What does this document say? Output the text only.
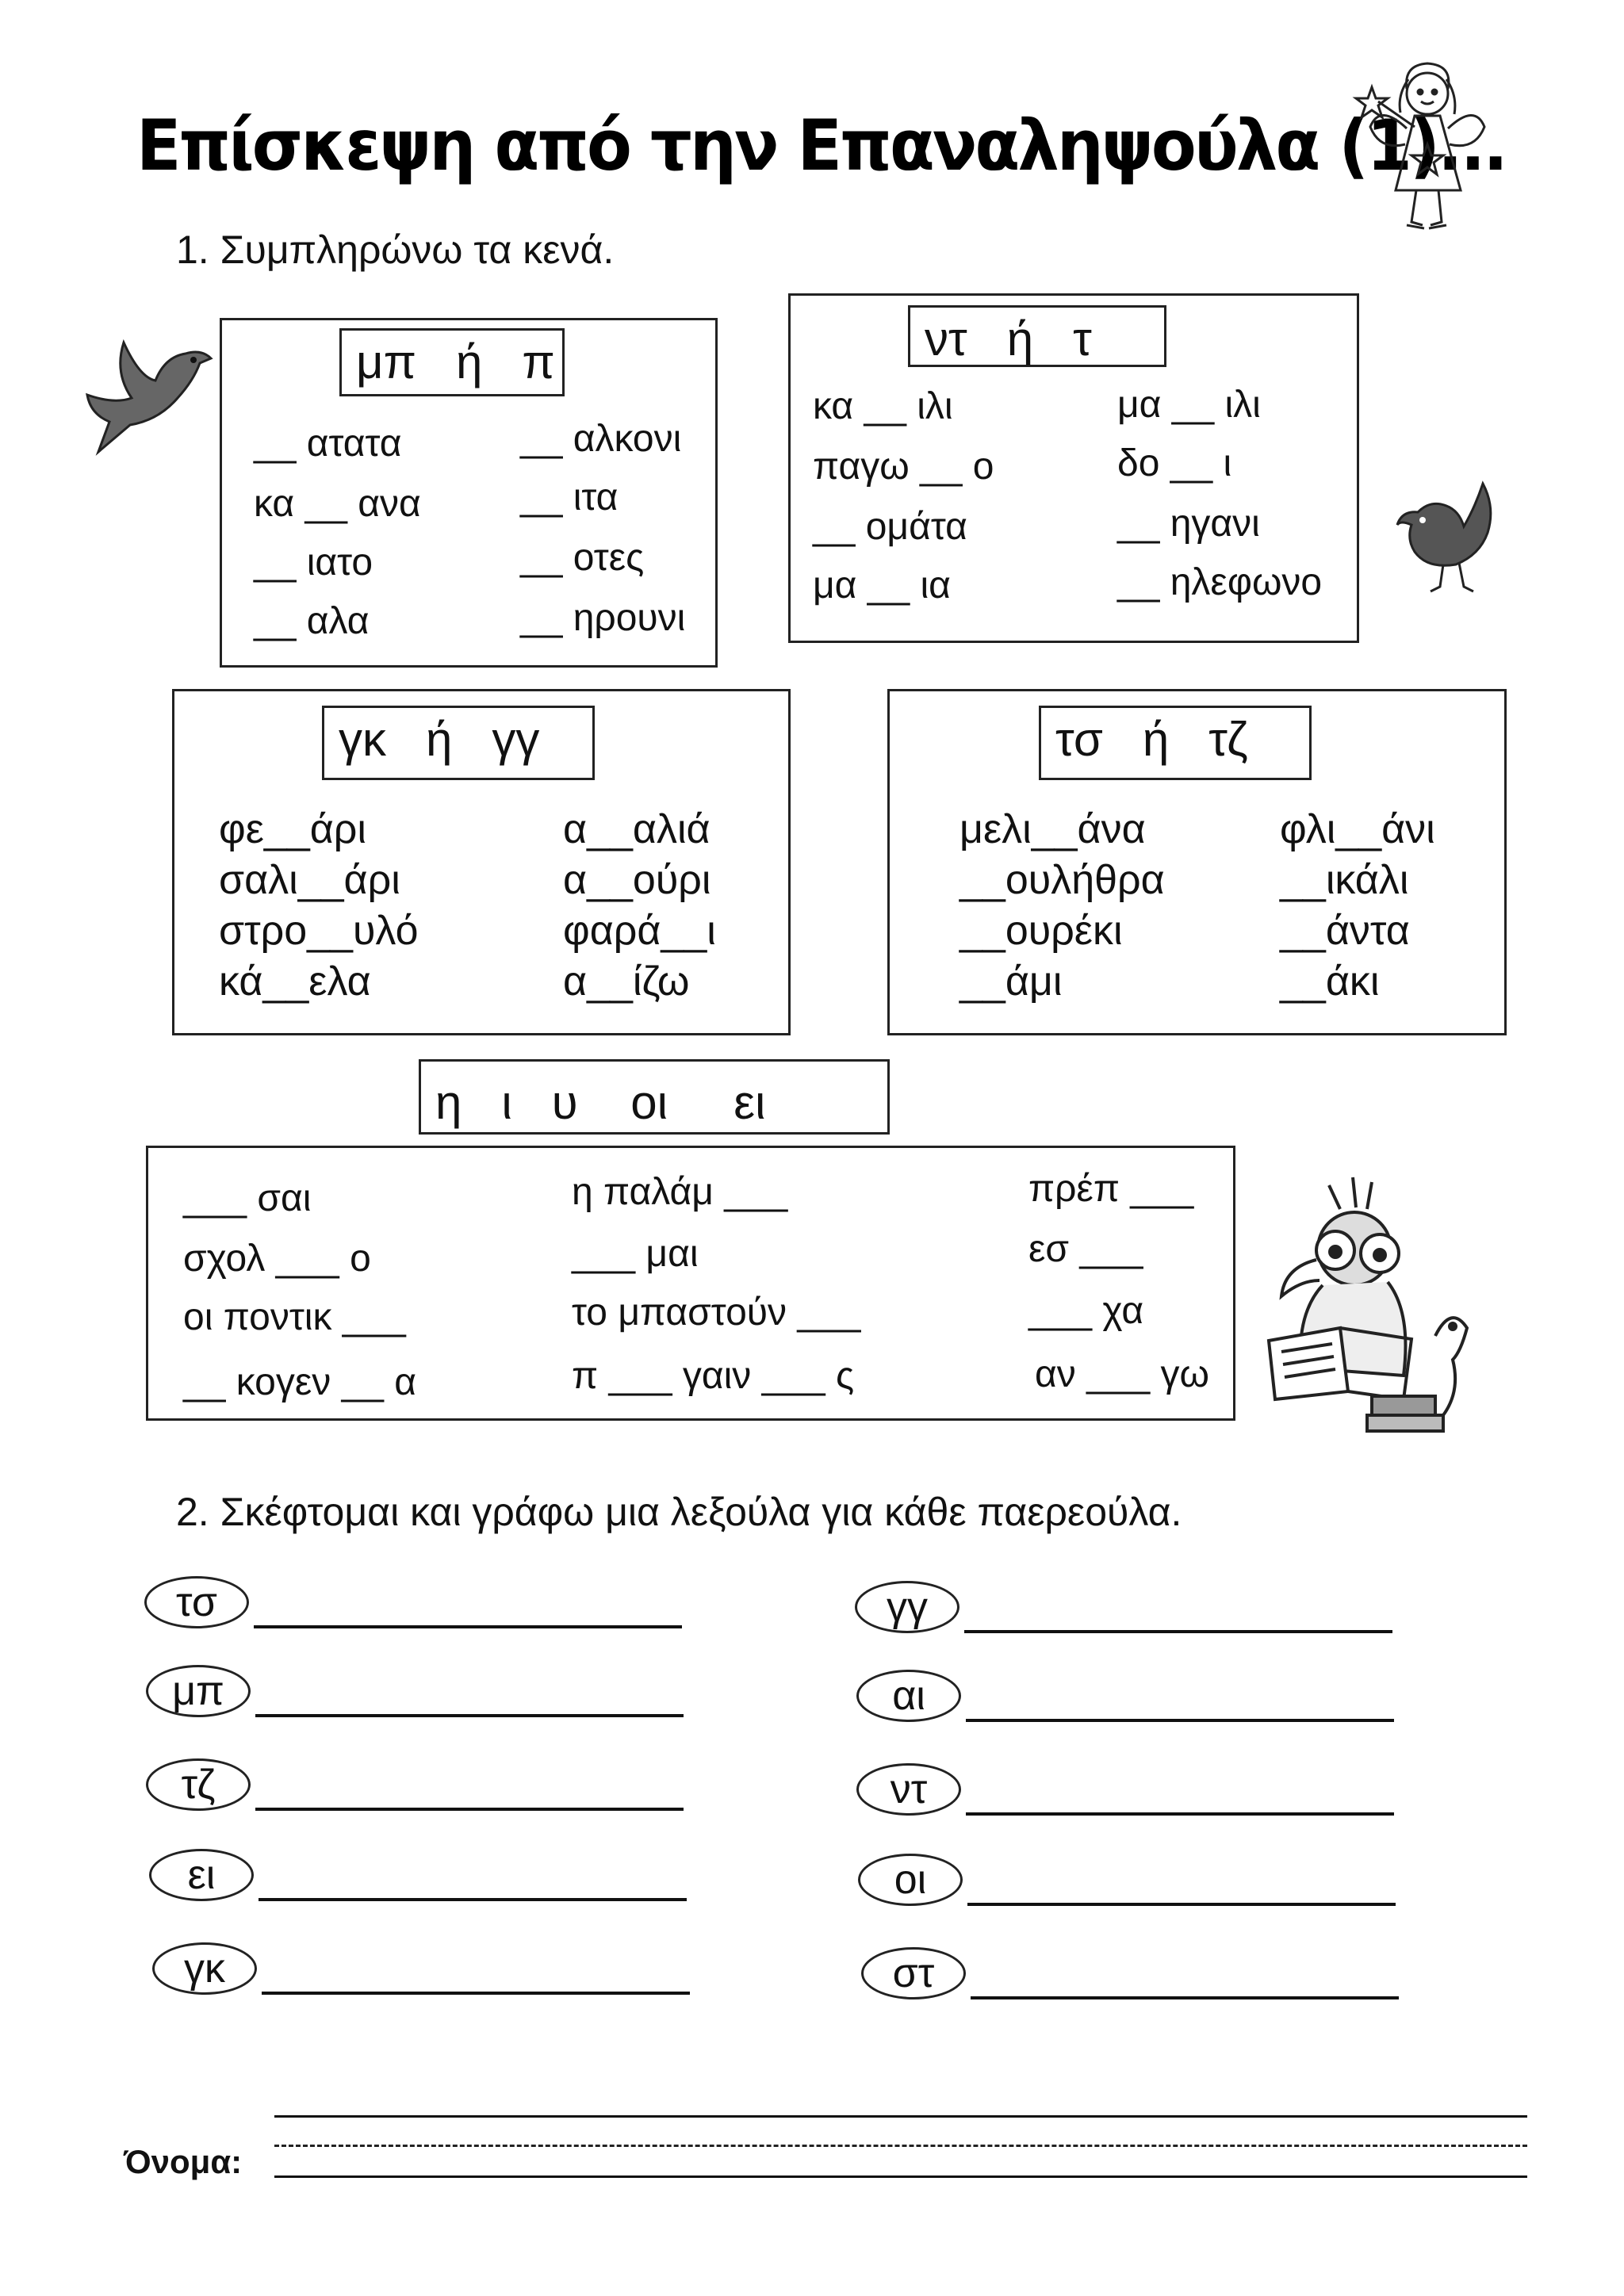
Επίσκεψη από την Επαναληψούλα (1)...
1. Συμπληρώνω τα κενά.
μπ   ή   π
__ ατατα
κα __ ανα
__ ιατο
__ αλα
__ αλκονι
__ ιτα
__ οτες
__ ηρουνι
ντ   ή   τ
κα __ ιλι
παγω __ ο
__ ομάτα
μα __ ια
μα __ ιλι
δο __ ι
__ ηγανι
__ ηλεφωνο
γκ   ή   γγ
φε__άρι
σαλι__άρι
στρο__υλό
κά__ελα
α__αλιά
α__ούρι
φαρά__ι
α__ίζω
τσ   ή   τζ
μελι__άνα
__ουλήθρα
__ουρέκι
__άμι
φλι__άνι
__ικάλι
__άντα
__άκι
η   ι   υ    οι     ει
___ σαι
σχολ ___ ο
οι ποντικ ___
__ κογεν __ α
η παλάμ ___
___ μαι
το μπαστούν ___
π ___ γαιν ___ ς
πρέπ ___
εσ ___
___ χα
αν ___ γω
2. Σκέφτομαι και γράφω μια λεξούλα για κάθε παερεούλα.
τσ
μπ
τζ
ει
γκ
γγ
αι
ντ
οι
στ
Όνομα:
